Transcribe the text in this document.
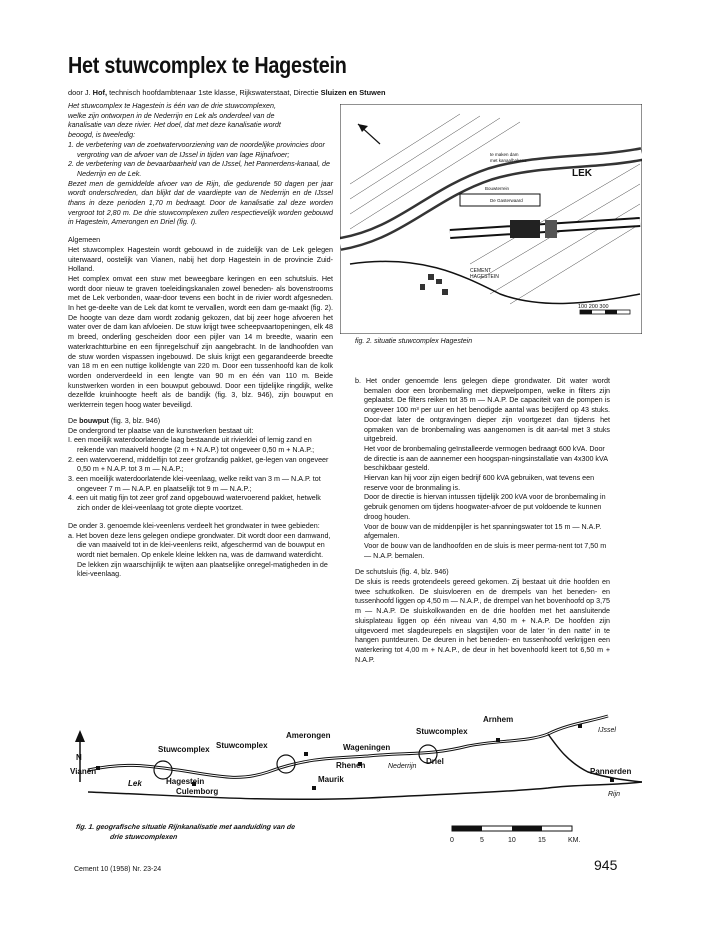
Het stuwcomplex te Hagestein
door J. Hof, technisch hoofdambtenaar 1ste klasse, Rijkswaterstaat, Directie Sluizen en Stuwen

Het stuwcomplex te Hagestein is één van de drie stuwcomplexen,

welke zijn ontworpen in de Nederrijn en Lek als onderdeel van de

kanalisatie van deze rivier. Het doel, dat met deze kanalisatie wordt

beoogd, is tweeledig:

1. de verbetering van de zoetwatervoorziening van de noordelijke provincies door vergroting van de afvoer van de IJssel in tijden van lage Rijnafvoer;

2. de verbetering van de bevaarbaarheid van de IJssel, het Pannerdens-kanaal, de Nederrijn en de Lek.

Bezet men de gemiddelde afvoer van de Rijn, die gedurende 50 dagen per jaar wordt onderschreden, dan blijkt dat de vaardiepte van de Nederrijn en de IJssel thans in deze perioden 1,70 m bedraagt. Door de kanalisatie zal deze worden vergroot tot 2,80 m. De drie stuwcomplexen zullen respectievelijk worden gebouwd in Hagestein, Amerongen en Driel (fig. I).

Algemeen

Het stuwcomplex Hagestein wordt gebouwd in de zuidelijk van de Lek gelegen uiterwaard, oostelijk van Vianen, nabij het dorp Hagestein in de provincie Zuid-Holland.

Het complex omvat een stuw met beweegbare keringen en een schutsluis. Het wordt door nieuw te graven toeleidingskanalen zowel beneden- als bovenstrooms met de Lek verbonden, waar-door tevens een bocht in de rivier wordt afgesneden. In het ge-deelte van de Lek dat komt te vervallen, wordt een dam ge-maakt (fig. 2). De hoogte van deze dam wordt zodanig gekozen, dat bij zeer hoge afvoeren het water over de dam kan afvloeien. De stuw krijgt twee scheepvaartopeningen, elk 48 m breed, onderling gescheiden door een pijler van 14 m breedte, waarin een waterkrachtturbine en een fijnregelschuif zijn aangebracht. In de landhoofden van de stuw worden vispassen ingebouwd. De sluis krijgt een gegarandeerde breedte van 18 m en een nuttige kolklengte van 220 m. Door een tussenhoofd kan de kolk worden onderverdeeld in een lengte van 90 m en één van 110 m. Beide kunstwerken worden in een bouwput gebouwd. Door een tijdelijke ringdijk, welke dezelfde kruinhoogte heeft als de bandijk (fig. 3, blz. 946), zijn bouwput en werkterrein tegen hoog water beveiligd.

De bouwput (fig. 3, blz. 946)

De ondergrond ter plaatse van de kunstwerken bestaat uit:

I. een moeilijk waterdoorlatende laag bestaande uit rivierklei of lemig zand en reikende van maaiveld hoogte (2 m + N.A.P.) tot ongeveer 0,50 m + N.A.P.;

2. een watervoerend, middelfijn tot zeer grofzandig pakket, ge-legen van ongeveer 0,50 m + N.A.P. tot 3 m — N.A.P.;

3. een moeilijk waterdoorlatende klei-veenlaag, welke reikt van 3 m — N.A.P. tot ongeveer 7 m — N.A.P. en plaatselijk tot 9 m — N.A.P.;

4. een uit matig fijn tot zeer grof zand opgebouwd watervoerend pakket, hetwelk zich onder de klei-veenlaag tot grote diepte voortzet.

De onder 3. genoemde klei-veenlens verdeelt het grondwater in twee gebieden:

a. Het boven deze lens gelegen ondiepe grondwater. Dit wordt door een damwand, die van maaiveld tot in de klei-veenlens reikt, afgeschermd van de bouwput en wordt niet bemalen. Op enkele kleine lekken na, was de damwand waterdicht. De lekken zijn waarschijnlijk te wijten aan plaatselijke onregel-matigheden in de klei-veenlaag.

100 200 300
LEK
CEMENT
HAGESTEIN
te maken dam
met kanaalbakens
Bouwterrein
De Gasterwaard
fig. 2. situatie stuwcomplex Hagestein

b. Het onder genoemde lens gelegen diepe grondwater. Dit water wordt bemalen door een bronbemaling met diepwelpompen, welke in filters zijn geplaatst. De filters reiken tot 35 m — N.A.P. De capaciteit van de pompen is ongeveer 100 m³ per uur en het benodigde aantal was becijferd op 43 stuks. Door-dat later de ontgravingen dieper zijn voortgezet dan tijdens het opmaken van de bronbemaling was aangenomen is dit aan-tal met 3 stuks uitgebreid.

Het voor de bronbemaling geïnstalleerde vermogen bedraagt 600 kVA. Door de directie is aan de aannemer een hoogspan-ningsinstallatie van 4x300 kVA beschikbaar gesteld.

Hiervan kan hij voor zijn eigen bedrijf 600 kVA gebruiken, wat tevens een reserve voor de bronmaling is.

Door de directie is hiervan intussen tijdelijk 200 kVA voor de bronbemaling in gebruik genomen om tijdens hoogwater-afvoer de put voldoende te kunnen droog houden.

Voor de bouw van de middenpijler is het spanningswater tot 15 m — N.A.P. afgemalen.

Voor de bouw van de landhoofden en de sluis is meer perma-nent tot 7,50 m — N.A.P. bemalen.

De schutsluis (fig. 4, blz. 946)

De sluis is reeds grotendeels gereed gekomen. Zij bestaat uit drie hoofden en twee schutkolken. De sluisvloeren en de drempels van het beneden- en tussenhoofd liggen op 4,50 m — N.A.P., de drempel van het bovenhoofd op 3,75 m — N.A.P. De sluiskolkwanden en de drie hoofden met het aansluitende sluisplateau liggen op één niveau van 4,50 m + N.A.P. De hoofden zijn uitgevoerd met slagdeurepels en slagstijlen voor de later 'in den natte' in te hangen puntdeuren. De deuren in het beneden- en tussenhoofd verkrijgen een waterkering tot 4,00 m + N.A.P., de deur in het bovenhoofd keert tot 6,50 m + N.A.P.

N
Vianen
Lek	Hagestein
Culemborg
Stuwcomplex Stuwcomplex
Amerongen
Wageningen
Rhenen
Maurik
Nederrijn
Stuwcomplex
Arnhem
Driel
IJssel
Pannerden
Rijn
fig. 1. geografische situatie Rijnkanalisatie met aanduiding van de
drie stuwcomplexen	0	5	10	15	KM.
Cement 10 (1958) Nr. 23-24	945
